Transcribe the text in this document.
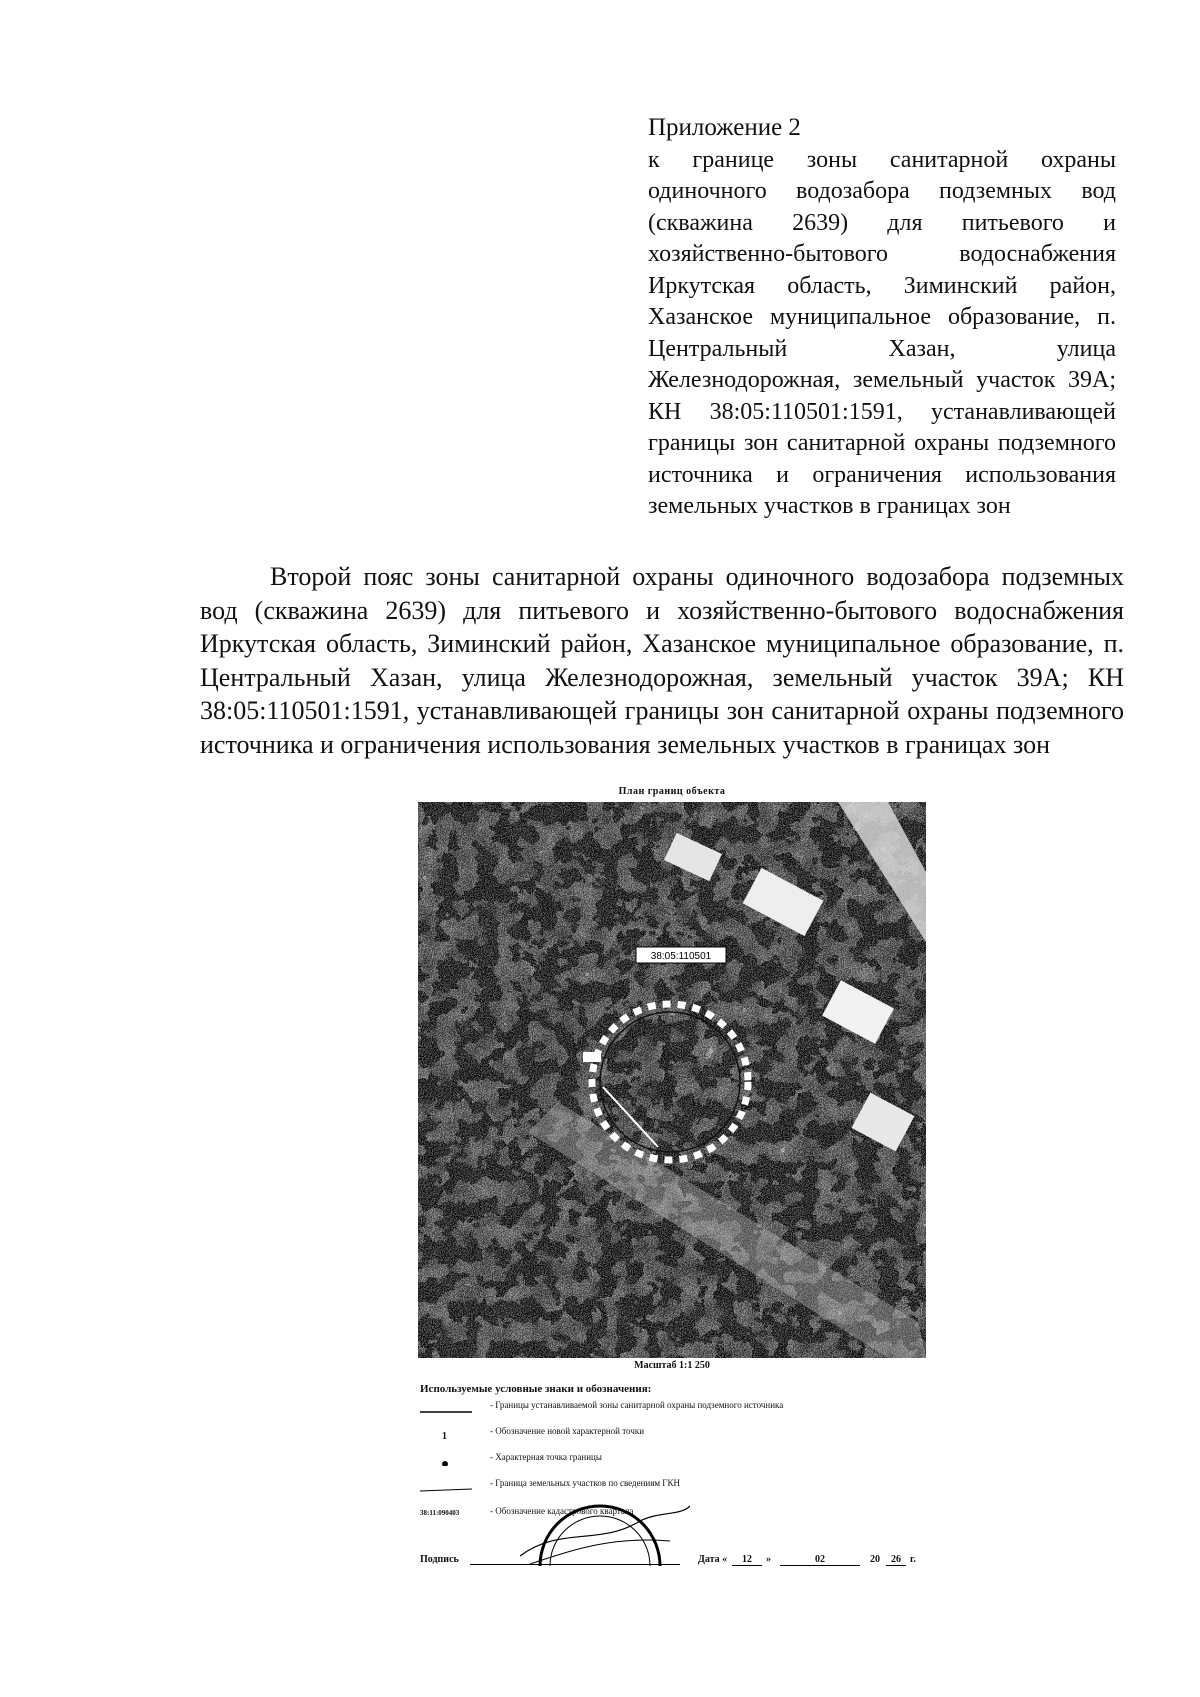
Приложение 2
к границе зоны санитарной охраны одиночного водозабора подземных вод (скважина 2639) для питьевого и хозяйственно-бытового водоснабжения Иркутская область, Зиминский район, Хазанское муниципальное образование, п. Центральный Хазан, улица Железнодорожная, земельный участок 39А; КН 38:05:110501:1591, устанавливающей границы зон санитарной охраны подземного источника и ограничения использования земельных участков в границах зон
Второй пояс зоны санитарной охраны одиночного водозабора подземных вод (скважина 2639) для питьевого и хозяйственно-бытового водоснабжения Иркутская область, Зиминский район, Хазанское муниципальное образование, п. Центральный Хазан, улица Железнодорожная, земельный участок 39А; КН 38:05:110501:1591, устанавливающей границы зон санитарной охраны подземного источника и ограничения использования земельных участков в границах зон
План границ объекта
38:05:110501
Масштаб 1:1 250
Используемые условные знаки и обозначения:
- Границы устанавливаемой зоны санитарной охраны подземного источника
1	- Обозначение новой характерной точки
- Характерная точка границы
- Граница земельных участков по сведениям ГКН
38:11:090403	- Обозначение кадастрового квартала
Подпись	Дата «	12	»	02	20	26 г.
